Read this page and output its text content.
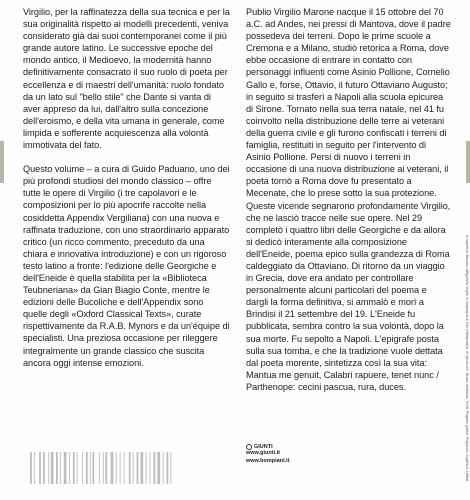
Virgilio, per la raffinatezza della sua tecnica e per la sua originalità rispetto ai modelli precedenti, veniva considerato già dai suoi contemporanei come il più grande autore latino. Le successive epoche del mondo antico, il Medioevo, la modernità hanno definitivamente consacrato il suo ruolo di poeta per eccellenza e di maestri dell'umanità: ruolo fondato da un lato sul "bello stile" che Dante si vanta di aver appreso da lui, dall'altro sulla concezione dell'eroismo, e della vita umana in generale, come limpida e sofferente acquiescenza alla volontà immotivata del fato.

Questo volume – a cura di Guido Paduano, uno dei più profondi studiosi del mondo classico – offre tutte le opere di Virgilio (i tre capolavori e le composizioni per lo più apocrife raccolte nella cosiddetta Appendix Vergiliana) con una nuova e raffinata traduzione, con uno straordinario apparato critico (un ricco commento, preceduto da una chiara e innovativa introduzione) e con un rigoroso testo latino a fronte: l'edizione delle Georgiche e dell'Eneide è quella stabilita per la «Biblioteca Teubneriana» da Gian Biagio Conte, mentre le edizioni delle Bucoliche e dell'Appendix sono quelle degli «Oxford Classical Texts», curate rispettivamente da R.A.B. Mynors e da un'équipe di specialisti. Una preziosa occasione per rileggere integralmente un grande classico che suscita ancora oggi intense emozioni.

Publio Virgilio Marone nacque il 15 ottobre del 70 a.C. ad Andes, nei pressi di Mantova, dove il padre possedeva dei terreni. Dopo le prime scuole a Cremona e a Milano, studiò retorica a Roma, dove ebbe occasione di entrare in contatto con personaggi influenti come Asinio Pollione, Cornelio Gallo e, forse, Ottavio, il futuro Ottaviano Augusto; in seguito si trasferì a Napoli alla scuola epicurea di Sirone. Tornato nella sua terra natale, nel 41 fu coinvolto nella distribuzione delle terre ai veterani della guerra civile e gli furono confiscati i terreni di famiglia, restituiti in seguito per l'intervento di Asinio Pollione. Persi di nuovo i terreni in occasione di una nuova distribuzione ai veterani, il poeta tornò a Roma dove fu presentato a Mecenate, che lo prese sotto la sua protezione. Queste vicende segnarono profondamente Virgilio, che ne lasciò tracce nelle sue opere. Nel 29 completò i quattro libri delle Georgiche e da allora si dedicò interamente alla composizione dell'Eneide, poema epico sulla grandezza di Roma caldeggiato da Ottaviano. Di ritorno da un viaggio in Grecia, dove era andato per controllare personalmente alcuni particolari del poema e dargli la forma definitiva, si ammalò e morì a Brindisi il 21 settembre del 19. L'Eneide fu pubblicata, sembra contro la sua volontà, dopo la sua morte. Fu sepolto a Napoli. L'epigrafe posta sulla sua tomba, e che la tradizione vuole dettata dal poeta morente, sintetizza così la sua vita: Mantua me genuit, Calabri rapuere, tenet nunc / Parthenope: cecini pascua, rura, duces.	In copertina: Mosaico raffigurante Virgilio in compagnia di Clio e Melpomene, III secolo d.C. Museo del Bardo, Tunisi. Progetto grafico: Polystudio. Copertina: Leftloft.
GIUNTI
www.giunti.it
www.bompiani.it
